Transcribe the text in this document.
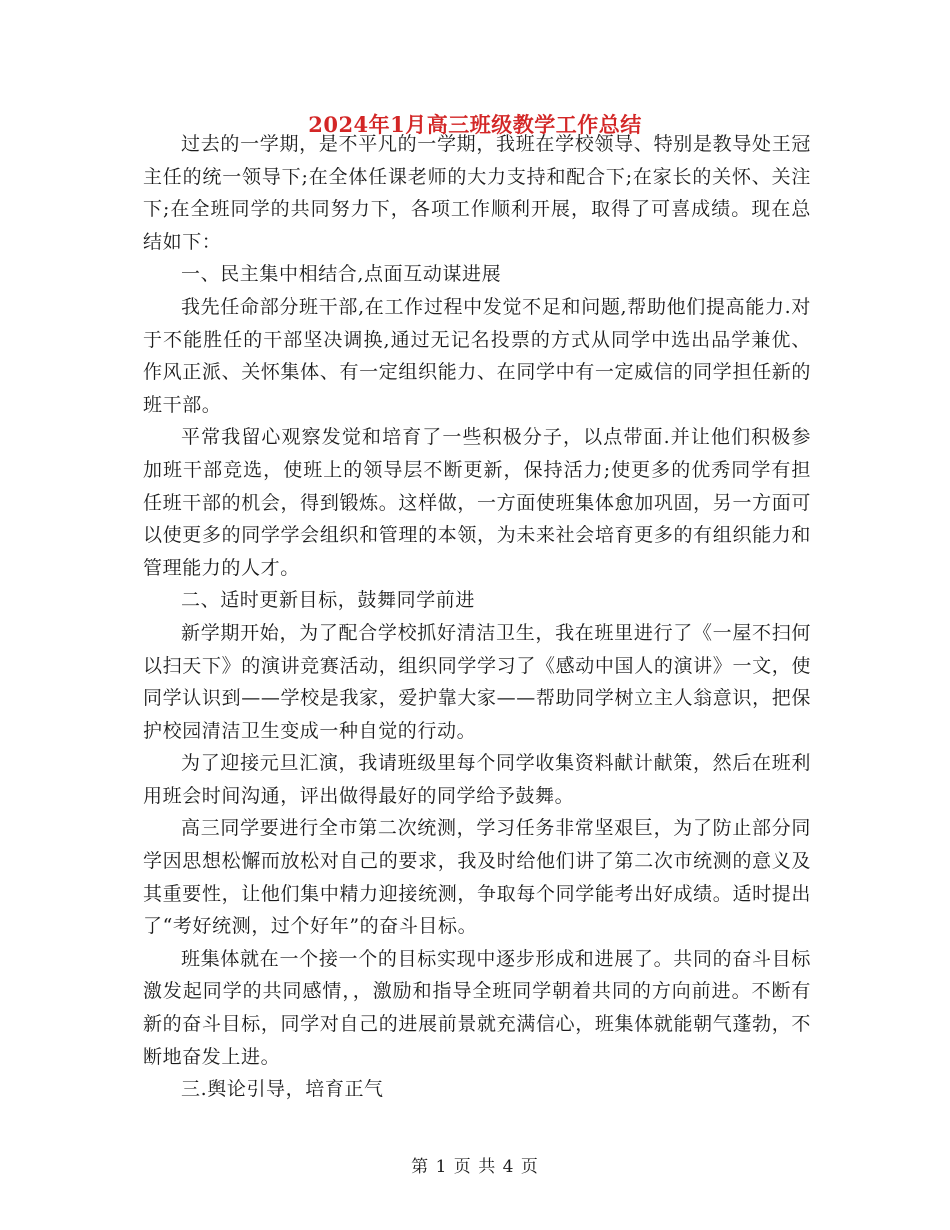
2024年1月高三班级教学工作总结

过去的一学期，是不平凡的一学期，我班在学校领导、特别是教导处王冠主任的统一领导下;在全体任课老师的大力支持和配合下;在家长的关怀、关注下;在全班同学的共同努力下，各项工作顺利开展，取得了可喜成绩。现在总结如下：

一、民主集中相结合,点面互动谋进展

我先任命部分班干部,在工作过程中发觉不足和问题,帮助他们提高能力.对于不能胜任的干部坚决调换,通过无记名投票的方式从同学中选出品学兼优、作风正派、关怀集体、有一定组织能力、在同学中有一定威信的同学担任新的班干部。

平常我留心观察发觉和培育了一些积极分子，以点带面.并让他们积极参加班干部竞选，使班上的领导层不断更新，保持活力;使更多的优秀同学有担任班干部的机会，得到锻炼。这样做，一方面使班集体愈加巩固，另一方面可以使更多的同学学会组织和管理的本领，为未来社会培育更多的有组织能力和管理能力的人才。

二、适时更新目标，鼓舞同学前进

新学期开始，为了配合学校抓好清洁卫生，我在班里进行了《一屋不扫何以扫天下》的演讲竞赛活动，组织同学学习了《感动中国人的演讲》一文，使同学认识到——学校是我家，爱护靠大家——帮助同学树立主人翁意识，把保护校园清洁卫生变成一种自觉的行动。

为了迎接元旦汇演，我请班级里每个同学收集资料献计献策，然后在班利用班会时间沟通，评出做得最好的同学给予鼓舞。

高三同学要进行全市第二次统测，学习任务非常坚艰巨，为了防止部分同学因思想松懈而放松对自己的要求，我及时给他们讲了第二次市统测的意义及其重要性，让他们集中精力迎接统测，争取每个同学能考出好成绩。适时提出了“考好统测，过个好年”的奋斗目标。

班集体就在一个接一个的目标实现中逐步形成和进展了。共同的奋斗目标激发起同学的共同感情，，激励和指导全班同学朝着共同的方向前进。不断有新的奋斗目标，同学对自己的进展前景就充满信心，班集体就能朝气蓬勃，不断地奋发上进。

三.舆论引导，培育正气

第 1 页 共 4 页
